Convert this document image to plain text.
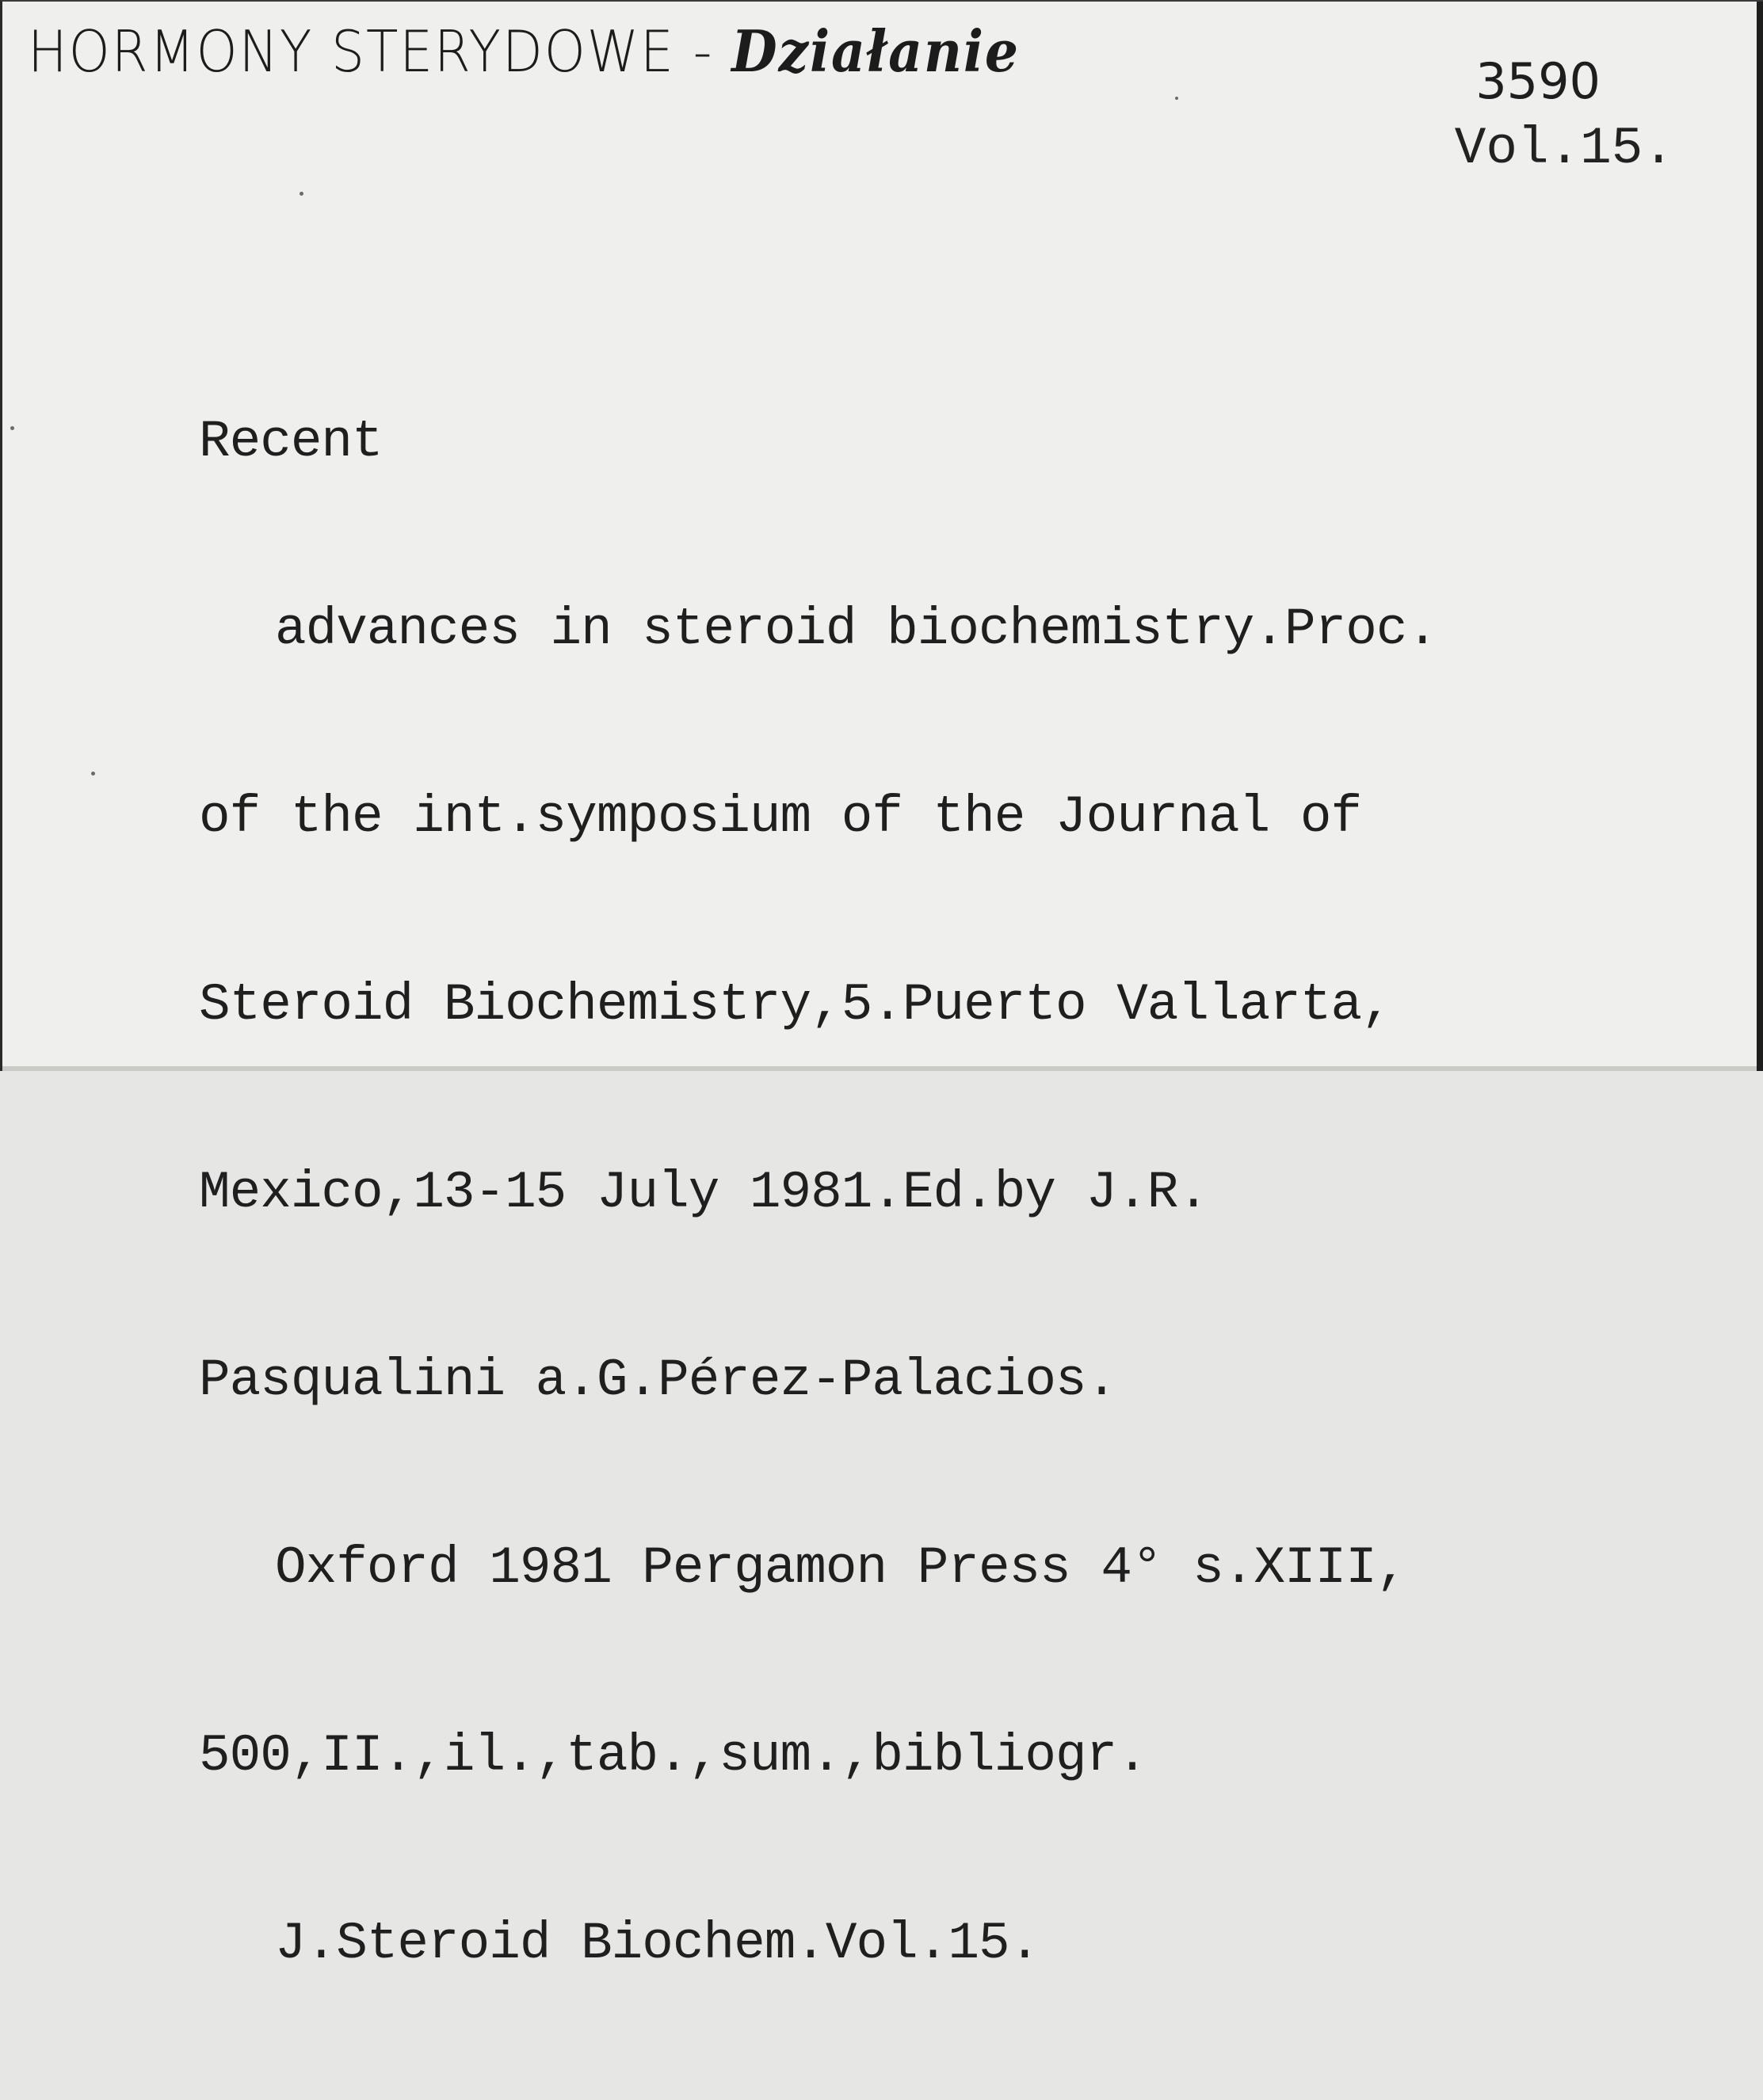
HORMONY STERYDOWE - Działanie	3590
Vol.15.

Recent

advances in steroid biochemistry.Proc.

of the int.symposium of the Journal of

Steroid Biochemistry,5.Puerto Vallarta,

Mexico,13-15 July 1981.Ed.by J.R.

Pasqualini a.G.Pérez-Palacios.

Oxford 1981 Pergamon Press 4° s.XIII,

500,II.,il.,tab.,sum.,bibliogr.

J.Steroid Biochem.Vol.15.
